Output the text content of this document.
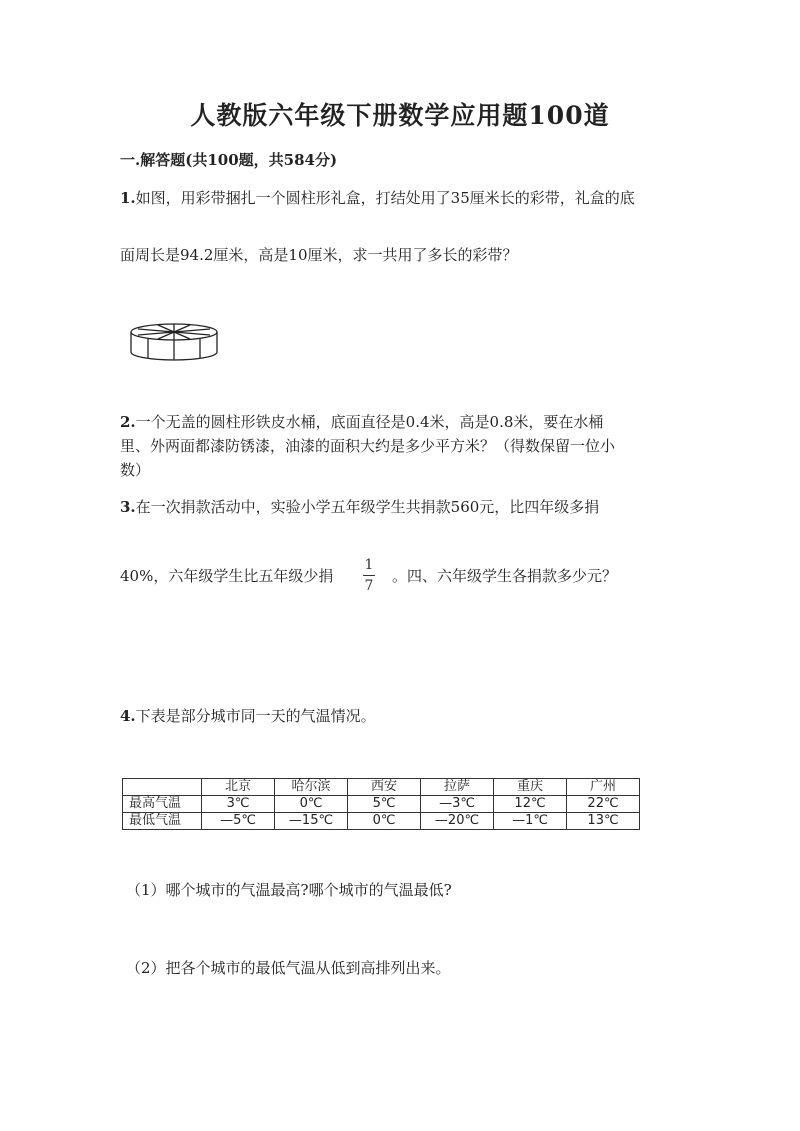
人教版六年级下册数学应用题100道
一.解答题(共100题，共584分)
1.如图，用彩带捆扎一个圆柱形礼盒，打结处用了35厘米长的彩带，礼盒的底
面周长是94.2厘米，高是10厘米，求一共用了多长的彩带？
2.一个无盖的圆柱形铁皮水桶，底面直径是0.4米，高是0.8米，要在水桶
里、外两面都漆防锈漆，油漆的面积大约是多少平方米？（得数保留一位小
数）
3.在一次捐款活动中，实验小学五年级学生共捐款560元，比四年级多捐
40%，六年级学生比五年级少捐
1
7
。四、六年级学生各捐款多少元？
4.下表是部分城市同一天的气温情况。
	北京	哈尔滨	西安	拉萨	重庆	广州
最高气温	3℃	0℃	5℃	—3℃	12℃	22℃
最低气温	—5℃	—15℃	0℃	—20℃	—1℃	13℃
（1）哪个城市的气温最高?哪个城市的气温最低?
（2）把各个城市的最低气温从低到高排列出来。
